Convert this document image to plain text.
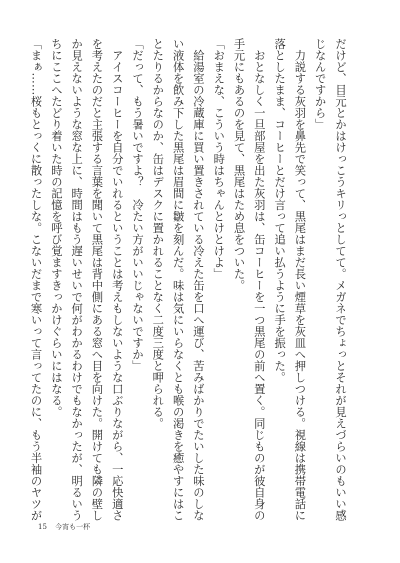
だけど、目元とかはけっこうキリっとしてて。メガネでちょっとそれが見えづらいのもいい感
じなんですから」
　力説する灰羽を鼻先で笑って、黒尾はまだ長い煙草を灰皿へ押しつける。視線は携帯電話に
落としたまま、コーヒーとだけ言って追い払うように手を振った。
　おとなしく一旦部屋を出た灰羽は、缶コーヒーを一つ黒尾の前へ置く。同じものが彼自身の
手元にもあるのを見て、黒尾はため息をついた。
「おまえな、こういう時はちゃんとけとけよ」
　給湯室の冷蔵庫に買い置きされている冷えた缶を口へ運び、苦みばかりでたいした味のしな
い液体を飲み下した黒尾は眉間に皺を刻んだ。味は気にいらなくとも喉の渇きを癒やすにはこ
とたりるからなのか、缶はデスクに置かれることなく二度三度と呷られる。
「だって、もう暑いですよ？　冷たい方がいいじゃないですか」
　アイスコーヒーを自分でいれるということは考えもしないような口ぶりながら、一応快適さ
を考えたのだと主張する言葉を聞いて黒尾は背中側にある窓へ目を向けた。開けても隣の壁し
か見えないような窓な上に、時間はもう遅いせいで何がわかるわけでもなかったが、明るいう
ちにここへたどり着いた時の記憶を呼び覚ますきっかけぐらいにはなる。
「まぁ……桜もとっくに散ったしな。こないだまで寒いって言ってたのに、もう半袖のヤツが
15 今宵も一杯
